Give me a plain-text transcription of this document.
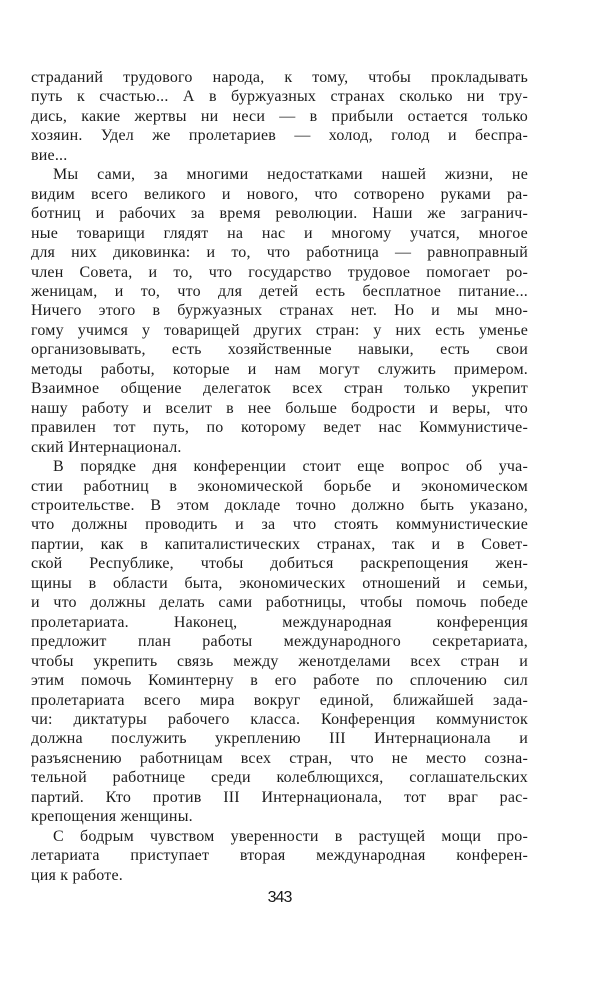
страданий трудового народа, к тому, чтобы прокладывать
путь к счастью... А в буржуазных странах сколько ни тру-
дись, какие жертвы ни неси — в прибыли остается только
хозяин. Удел же пролетариев — холод, голод и беспра-
вие...
Мы сами, за многими недостатками нашей жизни, не
видим всего великого и нового, что сотворено руками ра-
ботниц и рабочих за время революции. Наши же загранич-
ные товарищи глядят на нас и многому учатся, многое
для них диковинка: и то, что работница — равноправный
член Совета, и то, что государство трудовое помогает ро-
женицам, и то, что для детей есть бесплатное питание...
Ничего этого в буржуазных странах нет. Но и мы мно-
гому учимся у товарищей других стран: у них есть уменье
организовывать, есть хозяйственные навыки, есть свои
методы работы, которые и нам могут служить примером.
Взаимное общение делегаток всех стран только укрепит
нашу работу и вселит в нее больше бодрости и веры, что
правилен тот путь, по которому ведет нас Коммунистиче-
ский Интернационал.
В порядке дня конференции стоит еще вопрос об уча-
стии работниц в экономической борьбе и экономическом
строительстве. В этом докладе точно должно быть указано,
что должны проводить и за что стоять коммунистические
партии, как в капиталистических странах, так и в Совет-
ской Республике, чтобы добиться раскрепощения жен-
щины в области быта, экономических отношений и семьи,
и что должны делать сами работницы, чтобы помочь победе
пролетариата. Наконец, международная конференция
предложит план работы международного секретариата,
чтобы укрепить связь между женотделами всех стран и
этим помочь Коминтерну в его работе по сплочению сил
пролетариата всего мира вокруг единой, ближайшей зада-
чи: диктатуры рабочего класса. Конференция коммунисток
должна послужить укреплению III Интернационала и
разъяснению работницам всех стран, что не место созна-
тельной работнице среди колеблющихся, соглашательских
партий. Кто против III Интернационала, тот враг рас-
крепощения женщины.
С бодрым чувством уверенности в растущей мощи про-
летариата приступает вторая международная конферен-
ция к работе.
343
